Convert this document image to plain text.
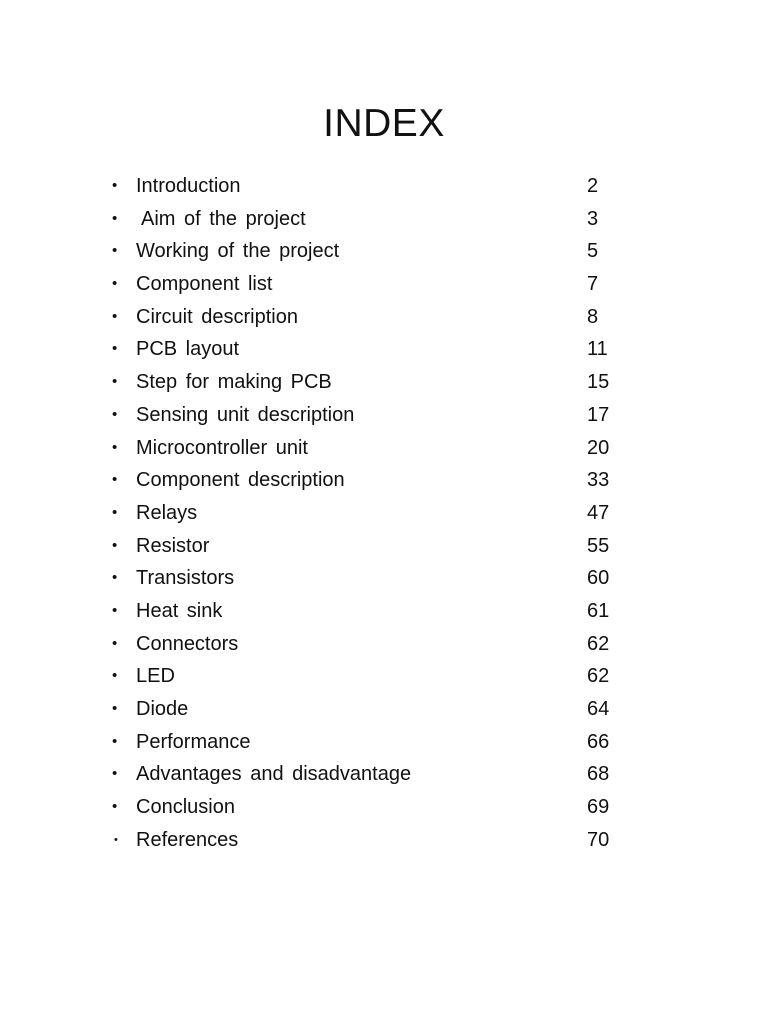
INDEX
• Introduction	2
• Aim of the project	3
• Working of the project	5
• Component list	7
• Circuit description	8
• PCB layout	11
• Step for making PCB	15
• Sensing unit description	17
• Microcontroller unit	20
• Component description	33
• Relays	47
• Resistor	55
• Transistors	60
• Heat sink	61
• Connectors	62
• LED	62
• Diode	64
• Performance	66
• Advantages and disadvantage	68
• Conclusion	69
• References	70
